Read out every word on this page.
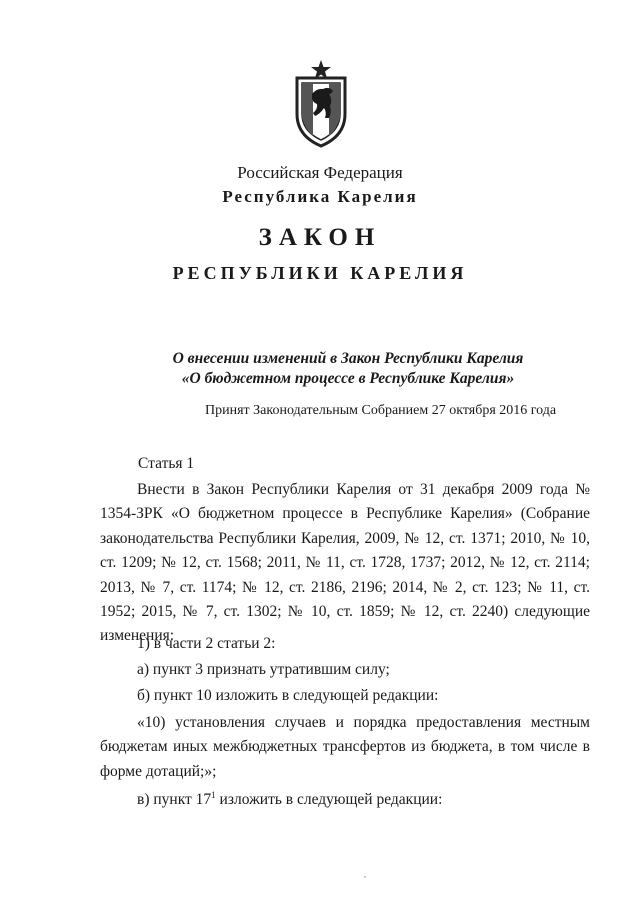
Российская Федерация
Республика Карелия
ЗАКОН
РЕСПУБЛИКИ КАРЕЛИЯ
О внесении изменений в Закон Республики Карелия
«О бюджетном процессе в Республике Карелия»
Принят Законодательным Собранием 27 октября 2016 года
Статья 1
Внести в Закон Республики Карелия от 31 декабря 2009 года № 1354-ЗРК «О бюджетном процессе в Республике Карелия» (Собрание законодательства Республики Карелия, 2009, № 12, ст. 1371; 2010, № 10, ст. 1209; № 12, ст. 1568; 2011, № 11, ст. 1728, 1737; 2012, № 12, ст. 2114; 2013, № 7, ст. 1174; № 12, ст. 2186, 2196; 2014, № 2, ст. 123; № 11, ст. 1952; 2015, № 7, ст. 1302; № 10, ст. 1859; № 12, ст. 2240) следующие изменения:
1) в части 2 статьи 2:
а) пункт 3 признать утратившим силу;
б) пункт 10 изложить в следующей редакции:
«10) установления случаев и порядка предоставления местным бюджетам иных межбюджетных трансфертов из бюджета, в том числе в форме дотаций;»;
в) пункт $17^1$ изложить в следующей редакции:
